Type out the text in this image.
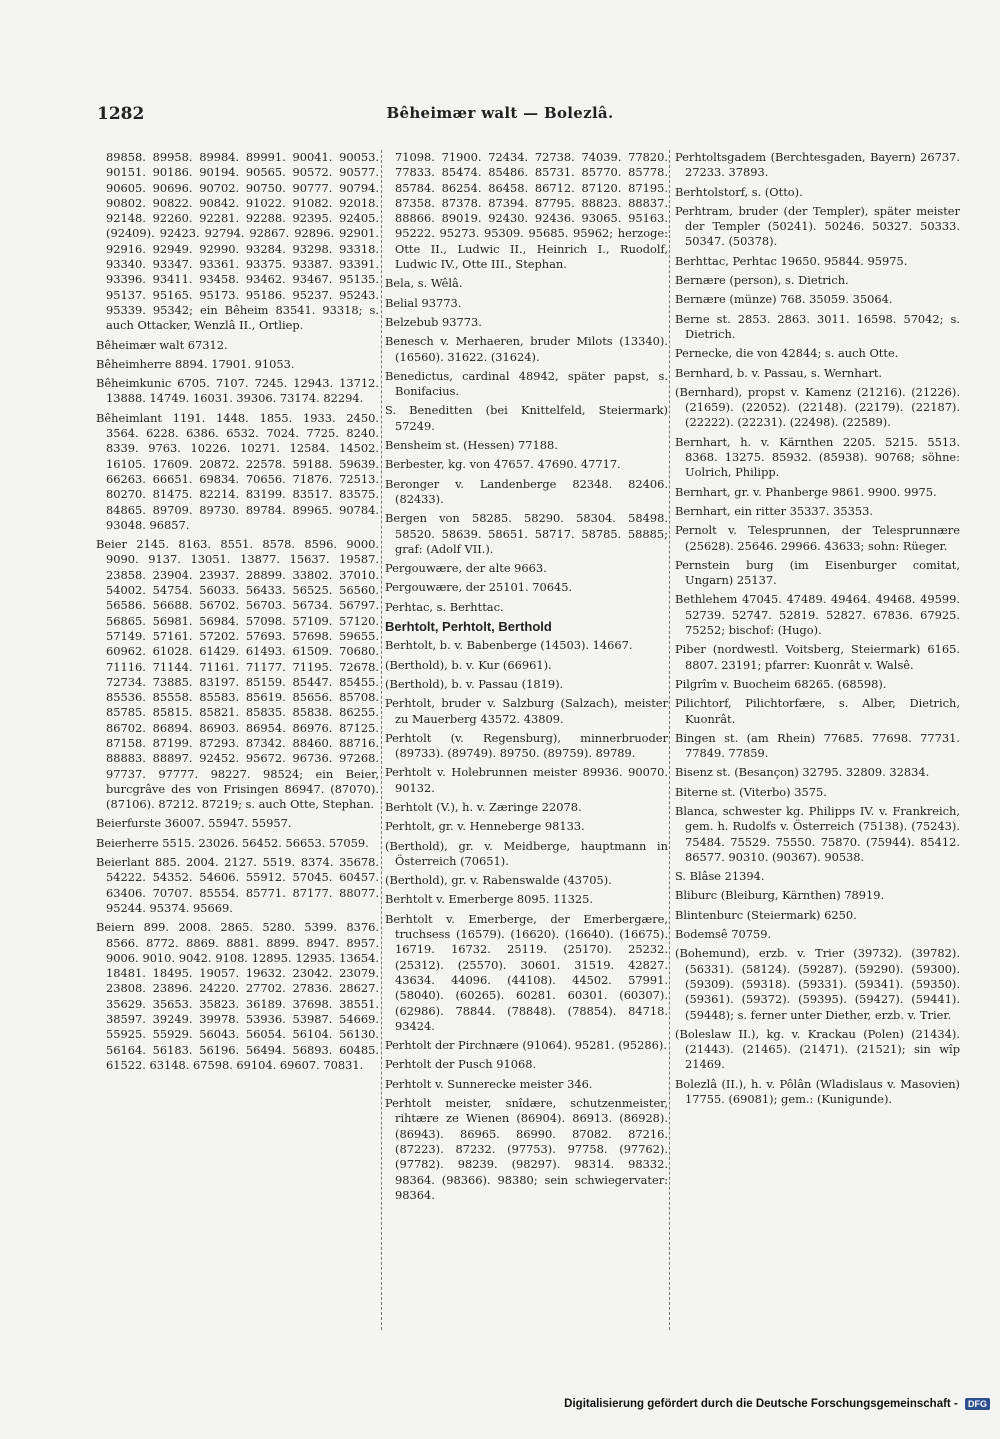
1282	Bêheimær walt — Bolezlâ.
89858. 89958. 89984. 89991. 90041. 90053. 90151. 90186. 90194. 90565. 90572. 90577. 90605. 90696. 90702. 90750. 90777. 90794. 90802. 90822. 90842. 91022. 91082. 92018. 92148. 92260. 92281. 92288. 92395. 92405. (92409). 92423. 92794. 92867. 92896. 92901. 92916. 92949. 92990. 93284. 93298. 93318. 93340. 93347. 93361. 93375. 93387. 93391. 93396. 93411. 93458. 93462. 93467. 95135. 95137. 95165. 95173. 95186. 95237. 95243. 95339. 95342; ein Bêheim 83541. 93318; s. auch Ottacker, Wenzlâ II., Ortliep.
Bêheimær walt 67312.
Bêheimherre 8894. 17901. 91053.
Bêheimkunic 6705. 7107. 7245. 12943. 13712. 13888. 14749. 16031. 39306. 73174. 82294.
Bêheimlant 1191. 1448. 1855. 1933. 2450. 3564. 6228. 6386. 6532. 7024. 7725. 8240. 8339. 9763. 10226. 10271. 12584. 14502. 16105. 17609. 20872. 22578. 59188. 59639. 66263. 66651. 69834. 70656. 71876. 72513. 80270. 81475. 82214. 83199. 83517. 83575. 84865. 89709. 89730. 89784. 89965. 90784. 93048. 96857.
Beier 2145. 8163. 8551. 8578. 8596. 9000. 9090. 9137. 13051. 13877. 15637. 19587. 23858. 23904. 23937. 28899. 33802. 37010. 54002. 54754. 56033. 56433. 56525. 56560. 56586. 56688. 56702. 56703. 56734. 56797. 56865. 56981. 56984. 57098. 57109. 57120. 57149. 57161. 57202. 57693. 57698. 59655. 60962. 61028. 61429. 61493. 61509. 70680. 71116. 71144. 71161. 71177. 71195. 72678. 72734. 73885. 83197. 85159. 85447. 85455. 85536. 85558. 85583. 85619. 85656. 85708. 85785. 85815. 85821. 85835. 85838. 86255. 86702. 86894. 86903. 86954. 86976. 87125. 87158. 87199. 87293. 87342. 88460. 88716. 88883. 88897. 92452. 95672. 96736. 97268. 97737. 97777. 98227. 98524; ein Beier, burcgrâve des von Frisingen 86947. (87070). (87106). 87212. 87219; s. auch Otte, Stephan.
Beierfurste 36007. 55947. 55957.
Beierherre 5515. 23026. 56452. 56653. 57059.
Beierlant 885. 2004. 2127. 5519. 8374. 35678. 54222. 54352. 54606. 55912. 57045. 60457. 63406. 70707. 85554. 85771. 87177. 88077. 95244. 95374. 95669.
Beiern 899. 2008. 2865. 5280. 5399. 8376. 8566. 8772. 8869. 8881. 8899. 8947. 8957. 9006. 9010. 9042. 9108. 12895. 12935. 13654. 18481. 18495. 19057. 19632. 23042. 23079. 23808. 23896. 24220. 27702. 27836. 28627. 35629. 35653. 35823. 36189. 37698. 38551. 38597. 39249. 39978. 53936. 53987. 54669. 55925. 55929. 56043. 56054. 56104. 56130. 56164. 56183. 56196. 56494. 56893. 60485. 61522. 63148. 67598. 69104. 69607. 70831.
71098. 71900. 72434. 72738. 74039. 77820. 77833. 85474. 85486. 85731. 85770. 85778. 85784. 86254. 86458. 86712. 87120. 87195. 87358. 87378. 87394. 87795. 88823. 88837. 88866. 89019. 92430. 92436. 93065. 95163. 95222. 95273. 95309. 95685. 95962; herzoge: Otte II., Ludwic II., Heinrich I., Ruodolf, Ludwic IV., Otte III., Stephan.
Bela, s. Wêlâ.
Belial 93773.
Belzebub 93773.
Benesch v. Merhaeren, bruder Milots (13340). (16560). 31622. (31624).
Benedictus, cardinal 48942, später papst, s. Bonifacius.
S. Beneditten (bei Knittelfeld, Steiermark) 57249.
Bensheim st. (Hessen) 77188.
Berbester, kg. von 47657. 47690. 47717.
Beronger v. Landenberge 82348. 82406. (82433).
Bergen von 58285. 58290. 58304. 58498. 58520. 58639. 58651. 58717. 58785. 58885; graf: (Adolf VII.).
Pergouwære, der alte 9663.
Pergouwære, der 25101. 70645.
Perhtac, s. Berhttac.
Berhtolt, Perhtolt, Berthold
Berhtolt, b. v. Babenberge (14503). 14667.
(Berthold), b. v. Kur (66961).
(Berthold), b. v. Passau (1819).
Perhtolt, bruder v. Salzburg (Salzach), meister zu Mauerberg 43572. 43809.
Perhtolt (v. Regensburg), minnerbruoder (89733). (89749). 89750. (89759). 89789.
Perhtolt v. Holebrunnen meister 89936. 90070. 90132.
Berhtolt (V.), h. v. Zæringe 22078.
Perhtolt, gr. v. Henneberge 98133.
(Berthold), gr. v. Meidberge, hauptmann in Österreich (70651).
(Berthold), gr. v. Rabenswalde (43705).
Berhtolt v. Emerberge 8095. 11325.
Berhtolt v. Emerberge, der Emerbergære, truchsess (16579). (16620). (16640). (16675). 16719. 16732. 25119. (25170). 25232. (25312). (25570). 30601. 31519. 42827. 43634. 44096. (44108). 44502. 57991. (58040). (60265). 60281. 60301. (60307). (62986). 78844. (78848). (78854). 84718. 93424.
Perhtolt der Pirchnære (91064). 95281. (95286).
Perhtolt der Pusch 91068.
Perhtolt v. Sunnerecke meister 346.
Perhtolt meister, snîdære, schutzenmeister, rihtære ze Wienen (86904). 86913. (86928). (86943). 86965. 86990. 87082. 87216. (87223). 87232. (97753). 97758. (97762). (97782). 98239. (98297). 98314. 98332. 98364. (98366). 98380; sein schwiegervater: 98364.
Perhtoltsgadem (Berchtesgaden, Bayern) 26737. 27233. 37893.
Berhtolstorf, s. (Otto).
Perhtram, bruder (der Templer), später meister der Templer (50241). 50246. 50327. 50333. 50347. (50378).
Berhttac, Perhtac 19650. 95844. 95975.
Bernære (person), s. Dietrich.
Bernære (münze) 768. 35059. 35064.
Berne st. 2853. 2863. 3011. 16598. 57042; s. Dietrich.
Pernecke, die von 42844; s. auch Otte.
Bernhard, b. v. Passau, s. Wernhart.
(Bernhard), propst v. Kamenz (21216). (21226). (21659). (22052). (22148). (22179). (22187). (22222). (22231). (22498). (22589).
Bernhart, h. v. Kärnthen 2205. 5215. 5513. 8368. 13275. 85932. (85938). 90768; söhne: Uolrich, Philipp.
Bernhart, gr. v. Phanberge 9861. 9900. 9975.
Bernhart, ein ritter 35337. 35353.
Pernolt v. Telesprunnen, der Telesprunnære (25628). 25646. 29966. 43633; sohn: Rüeger.
Pernstein burg (im Eisenburger comitat, Ungarn) 25137.
Bethlehem 47045. 47489. 49464. 49468. 49599. 52739. 52747. 52819. 52827. 67836. 67925. 75252; bischof: (Hugo).
Piber (nordwestl. Voitsberg, Steiermark) 6165. 8807. 23191; pfarrer: Kuonrât v. Walsê.
Pilgrîm v. Buocheim 68265. (68598).
Pilichtorf, Pilichtorfære, s. Alber, Dietrich, Kuonrât.
Bingen st. (am Rhein) 77685. 77698. 77731. 77849. 77859.
Bisenz st. (Besançon) 32795. 32809. 32834.
Biterne st. (Viterbo) 3575.
Blanca, schwester kg. Philipps IV. v. Frankreich, gem. h. Rudolfs v. Österreich (75138). (75243). 75484. 75529. 75550. 75870. (75944). 85412. 86577. 90310. (90367). 90538.
S. Blâse 21394.
Bliburc (Bleiburg, Kärnthen) 78919.
Blintenburc (Steiermark) 6250.
Bodemsê 70759.
(Bohemund), erzb. v. Trier (39732). (39782). (56331). (58124). (59287). (59290). (59300). (59309). (59318). (59331). (59341). (59350). (59361). (59372). (59395). (59427). (59441). (59448); s. ferner unter Diether, erzb. v. Trier.
(Boleslaw II.), kg. v. Krackau (Polen) (21434). (21443). (21465). (21471). (21521); sin wîp 21469.
Bolezlâ (II.), h. v. Pôlân (Wladislaus v. Masovien) 17755. (69081); gem.: (Kunigunde).
Digitalisierung gefördert durch die Deutsche Forschungsgemeinschaft - DFG
